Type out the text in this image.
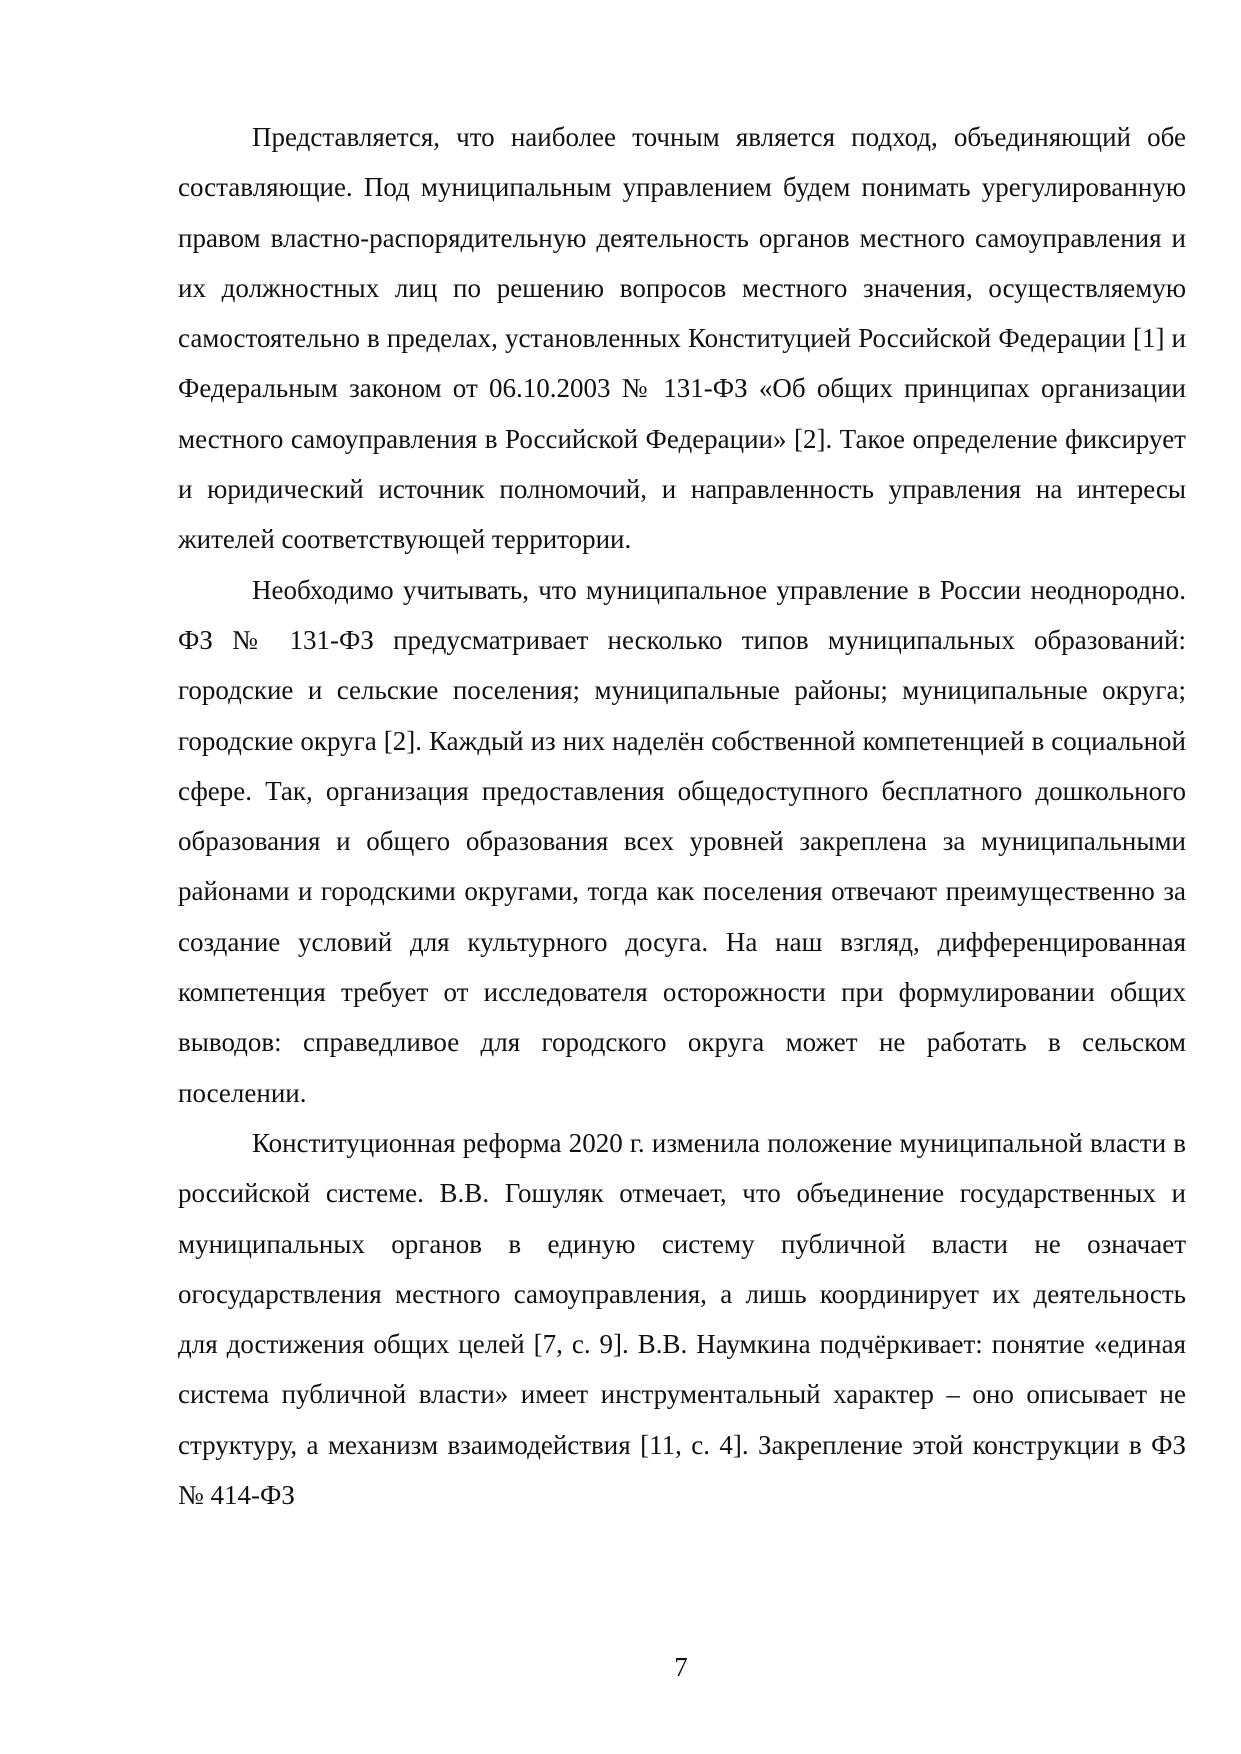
Представляется, что наиболее точным является подход, объединяющий обе составляющие. Под муниципальным управлением будем понимать урегулированную правом властно-распорядительную деятельность органов местного самоуправления и их должностных лиц по решению вопросов местного значения, осуществляемую самостоятельно в пределах, установленных Конституцией Российской Федерации [1] и Федеральным законом от 06.10.2003 № 131-ФЗ «Об общих принципах организации местного самоуправления в Российской Федерации» [2]. Такое определение фиксирует и юридический источник полномочий, и направленность управления на интересы жителей соответствующей территории.

Необходимо учитывать, что муниципальное управление в России неоднородно. ФЗ № 131-ФЗ предусматривает несколько типов муниципальных образований: городские и сельские поселения; муниципальные районы; муниципальные округа; городские округа [2]. Каждый из них наделён собственной компетенцией в социальной сфере. Так, организация предоставления общедоступного бесплатного дошкольного образования и общего образования всех уровней закреплена за муниципальными районами и городскими округами, тогда как поселения отвечают преимущественно за создание условий для культурного досуга. На наш взгляд, дифференцированная компетенция требует от исследователя осторожности при формулировании общих выводов: справедливое для городского округа может не работать в сельском поселении.

Конституционная реформа 2020 г. изменила положение муниципальной власти в российской системе. В.В. Гошуляк отмечает, что объединение государственных и муниципальных органов в единую систему публичной власти не означает огосударствления местного самоуправления, а лишь координирует их деятельность для достижения общих целей [7, с. 9]. В.В. Наумкина подчёркивает: понятие «единая система публичной власти» имеет инструментальный характер – оно описывает не структуру, а механизм взаимодействия [11, с. 4]. Закрепление этой конструкции в ФЗ № 414-ФЗ

7
